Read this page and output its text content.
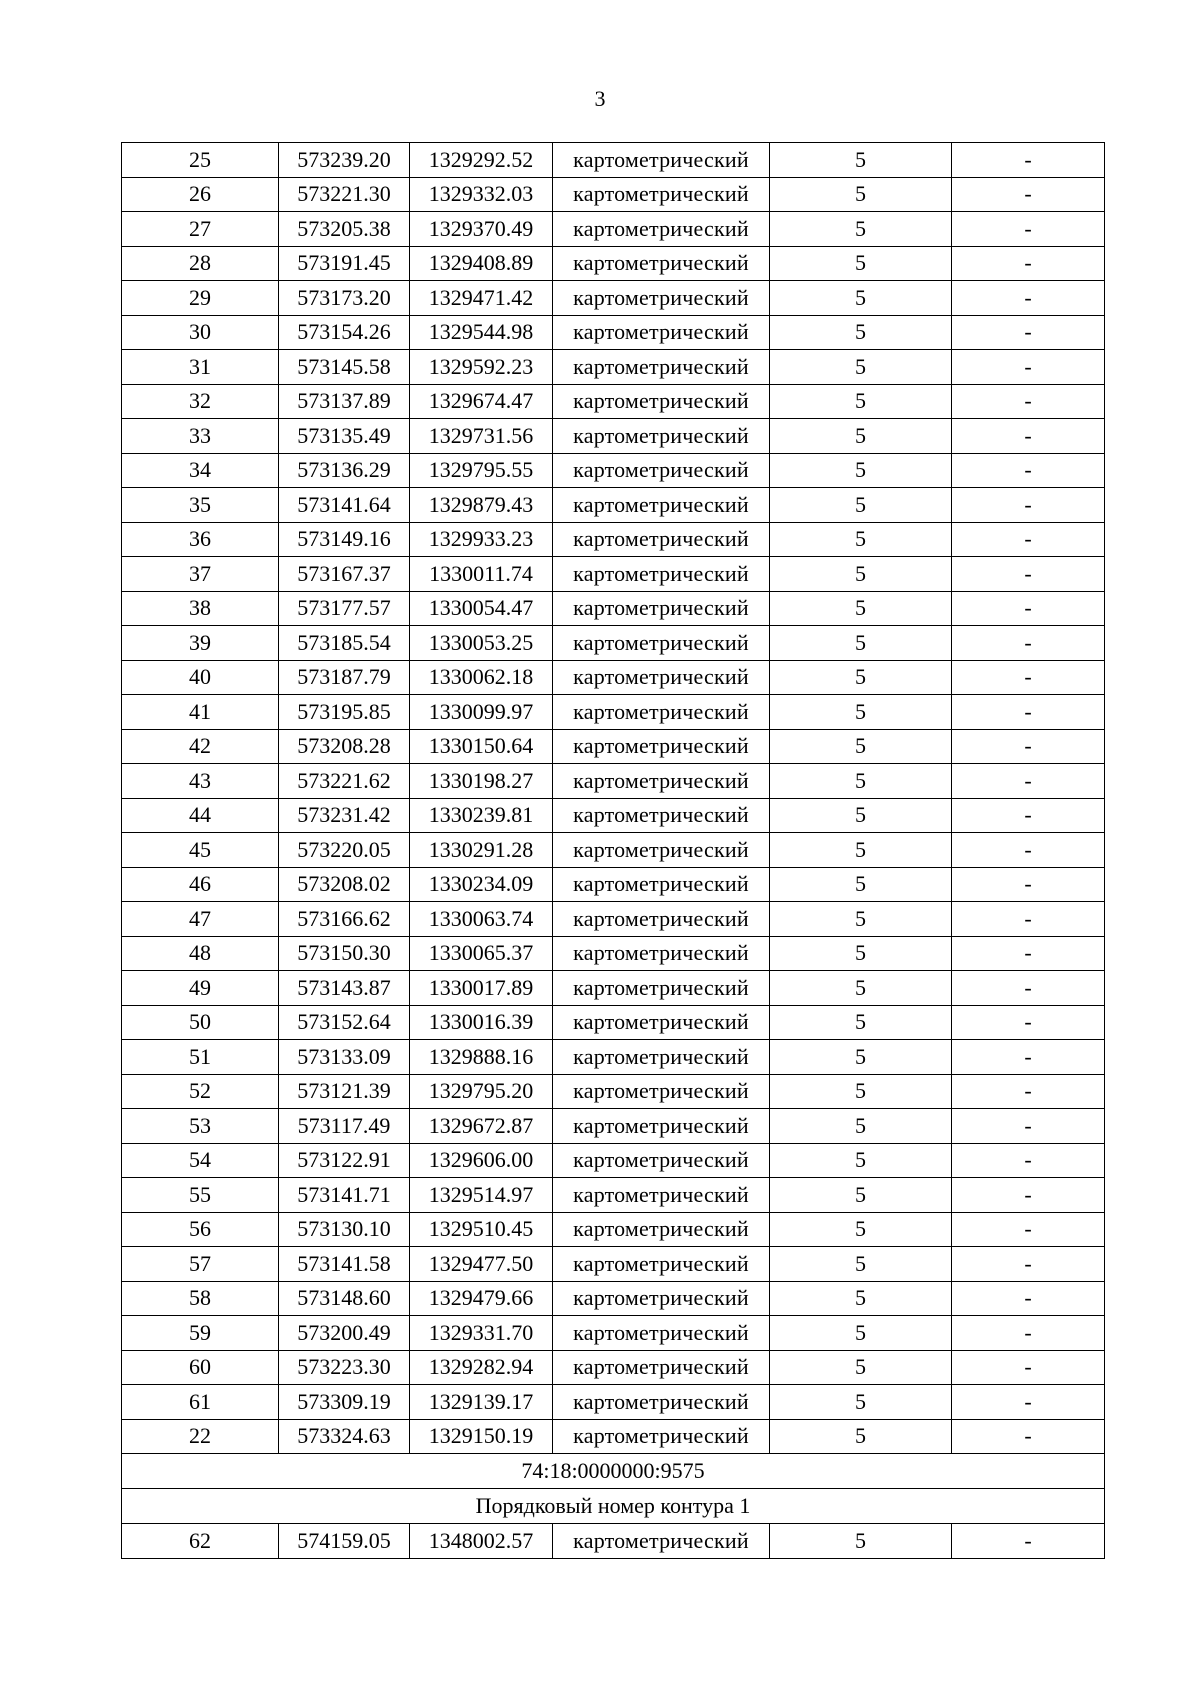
3
25	573239.20	1329292.52	картометрический	5	-
26	573221.30	1329332.03	картометрический	5	-
27	573205.38	1329370.49	картометрический	5	-
28	573191.45	1329408.89	картометрический	5	-
29	573173.20	1329471.42	картометрический	5	-
30	573154.26	1329544.98	картометрический	5	-
31	573145.58	1329592.23	картометрический	5	-
32	573137.89	1329674.47	картометрический	5	-
33	573135.49	1329731.56	картометрический	5	-
34	573136.29	1329795.55	картометрический	5	-
35	573141.64	1329879.43	картометрический	5	-
36	573149.16	1329933.23	картометрический	5	-
37	573167.37	1330011.74	картометрический	5	-
38	573177.57	1330054.47	картометрический	5	-
39	573185.54	1330053.25	картометрический	5	-
40	573187.79	1330062.18	картометрический	5	-
41	573195.85	1330099.97	картометрический	5	-
42	573208.28	1330150.64	картометрический	5	-
43	573221.62	1330198.27	картометрический	5	-
44	573231.42	1330239.81	картометрический	5	-
45	573220.05	1330291.28	картометрический	5	-
46	573208.02	1330234.09	картометрический	5	-
47	573166.62	1330063.74	картометрический	5	-
48	573150.30	1330065.37	картометрический	5	-
49	573143.87	1330017.89	картометрический	5	-
50	573152.64	1330016.39	картометрический	5	-
51	573133.09	1329888.16	картометрический	5	-
52	573121.39	1329795.20	картометрический	5	-
53	573117.49	1329672.87	картометрический	5	-
54	573122.91	1329606.00	картометрический	5	-
55	573141.71	1329514.97	картометрический	5	-
56	573130.10	1329510.45	картометрический	5	-
57	573141.58	1329477.50	картометрический	5	-
58	573148.60	1329479.66	картометрический	5	-
59	573200.49	1329331.70	картометрический	5	-
60	573223.30	1329282.94	картометрический	5	-
61	573309.19	1329139.17	картометрический	5	-
22	573324.63	1329150.19	картометрический	5	-
74:18:0000000:9575					
Порядковый номер контура 1					
62	574159.05	1348002.57	картометрический	5	-
